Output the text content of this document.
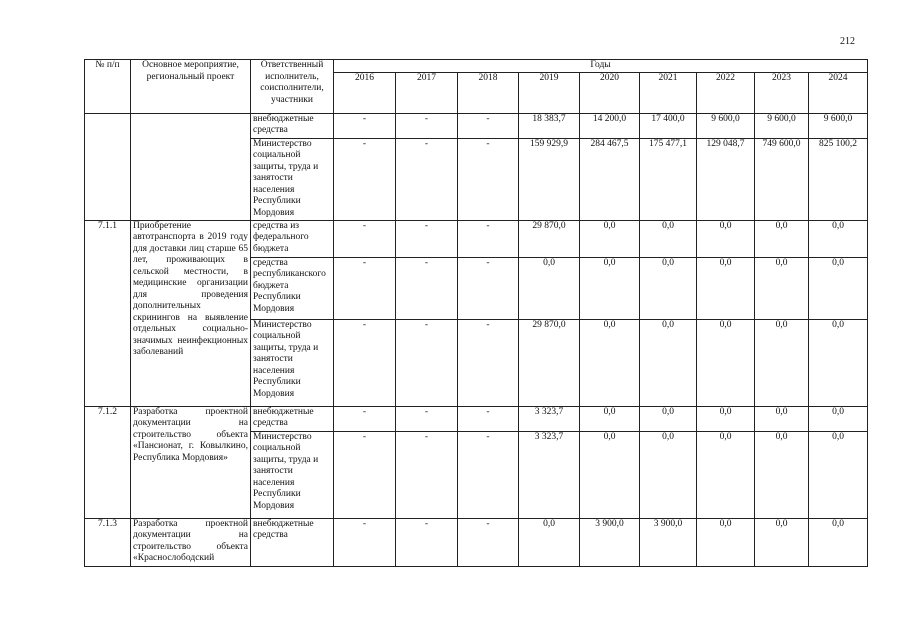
212
№ п/п	Основное мероприятие, региональный проект	Ответственный исполнитель, соисполнители, участники	Годы								
			2016	2017	2018	2019	2020	2021	2022	2023	2024
		внебюджетные средства	-	-	-	18 383,7	14 200,0	17 400,0	9 600,0	9 600,0	9 600,0
		Министерство социальной защиты, труда и занятости населения Республики Мордовия	-	-	-	159 929,9	284 467,5	175 477,1	129 048,7	749 600,0	825 100,2
7.1.1	Приобретение автотранспорта в 2019 году для доставки лиц старше 65 лет, проживающих в сельской местности, в медицинские организации для проведения дополнительных скринингов на выявление отдельных социально-значимых неинфекционных заболеваний	средства из федерального бюджета	-	-	-	29 870,0	0,0	0,0	0,0	0,0	0,0
		средства республиканского бюджета Республики Мордовия	-	-	-	0,0	0,0	0,0	0,0	0,0	0,0
		Министерство социальной защиты, труда и занятости населения Республики Мордовия	-	-	-	29 870,0	0,0	0,0	0,0	0,0	0,0
7.1.2	Разработка проектной документации на строительство объекта «Пансионат, г. Ковылкино, Республика Мордовия»	внебюджетные средства	-	-	-	3 323,7	0,0	0,0	0,0	0,0	0,0
		Министерство социальной защиты, труда и занятости населения Республики Мордовия	-	-	-	3 323,7	0,0	0,0	0,0	0,0	0,0
7.1.3	Разработка проектной документации на строительство объекта «Краснослободский	внебюджетные средства	-	-	-	0,0	3 900,0	3 900,0	0,0	0,0	0,0
